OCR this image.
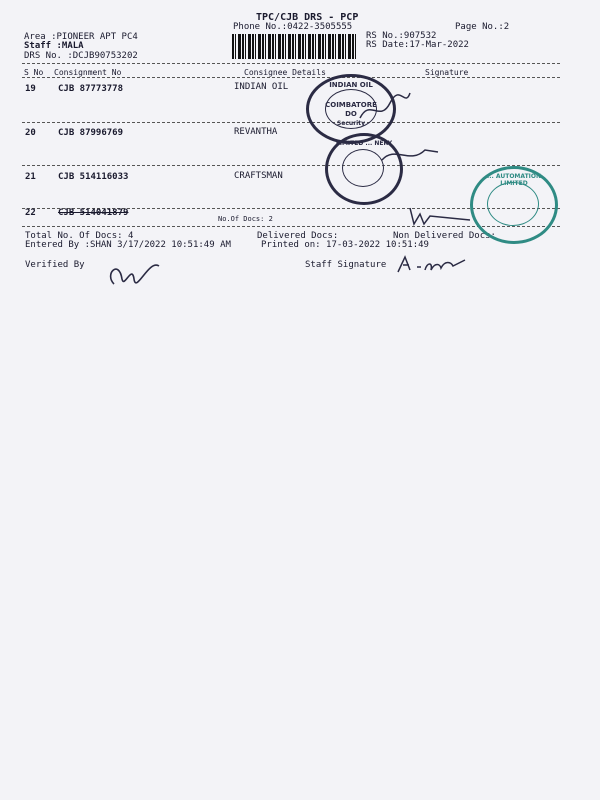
TPC/CJB DRS - PCP
Phone No.:0422-3505555	Page No.:2
Area :PIONEER APT PC4
Staff :MALA
DRS No. :DCJB90753202
RS No.:907532
RS Date:17-Mar-2022
S No Consignment No	Consignee Details	Signature
19 CJB 87773778	INDIAN OIL
20 CJB 87996769	REVANTHA
21 CJB 514116033	CRAFTSMAN
22 CJB 514041879
No.Of Docs: 2
Total No. Of Docs: 4	Delivered Docs:	Non Delivered Docs:
Entered By :SHAN 3/17/2022 10:51:49 AM	Printed on: 17-03-2022 10:51:49
Verified By	Staff Signature
INDIAN OIL
COIMBATORE
DO
Security
LIMITED ... NERY
... AUTOMATION LIMITED
